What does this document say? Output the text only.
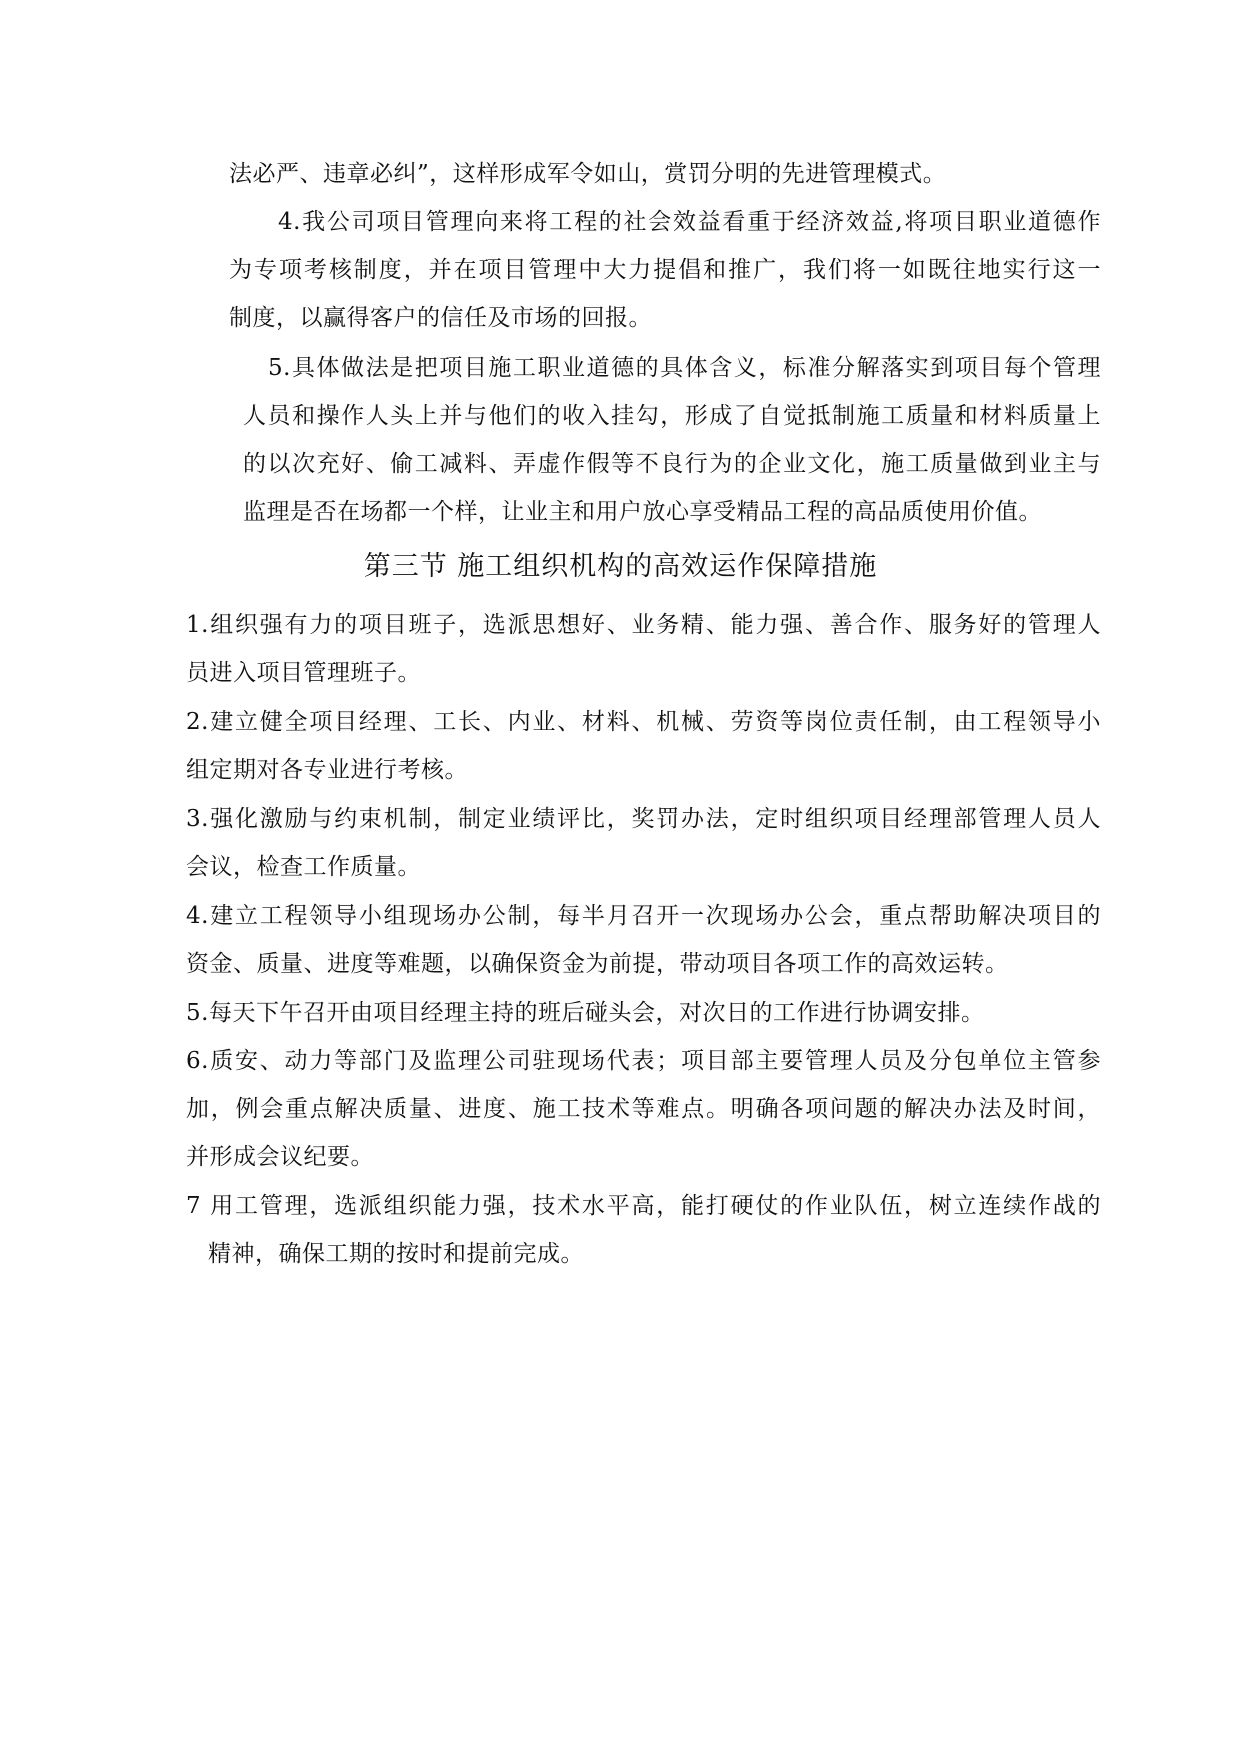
法必严、违章必纠”，这样形成军令如山，赏罚分明的先进管理模式。
4.我公司项目管理向来将工程的社会效益看重于经济效益,将项目职业道德作
为专项考核制度，并在项目管理中大力提倡和推广，我们将一如既往地实行这一
制度，以赢得客户的信任及市场的回报。
5.具体做法是把项目施工职业道德的具体含义，标准分解落实到项目每个管理
人员和操作人头上并与他们的收入挂勾，形成了自觉抵制施工质量和材料质量上
的以次充好、偷工减料、弄虚作假等不良行为的企业文化，施工质量做到业主与
监理是否在场都一个样，让业主和用户放心享受精品工程的高品质使用价值。
第三节 施工组织机构的高效运作保障措施
1.组织强有力的项目班子，选派思想好、业务精、能力强、善合作、服务好的管理人
员进入项目管理班子。
2.建立健全项目经理、工长、内业、材料、机械、劳资等岗位责任制，由工程领导小
组定期对各专业进行考核。
3.强化激励与约束机制，制定业绩评比，奖罚办法，定时组织项目经理部管理人员人
会议，检查工作质量。
4.建立工程领导小组现场办公制，每半月召开一次现场办公会，重点帮助解决项目的
资金、质量、进度等难题，以确保资金为前提，带动项目各项工作的高效运转。
5.每天下午召开由项目经理主持的班后碰头会，对次日的工作进行协调安排。
6.质安、动力等部门及监理公司驻现场代表；项目部主要管理人员及分包单位主管参
加，例会重点解决质量、进度、施工技术等难点。明确各项问题的解决办法及时间，
并形成会议纪要。
7 用工管理，选派组织能力强，技术水平高，能打硬仗的作业队伍，树立连续作战的
精神，确保工期的按时和提前完成。
